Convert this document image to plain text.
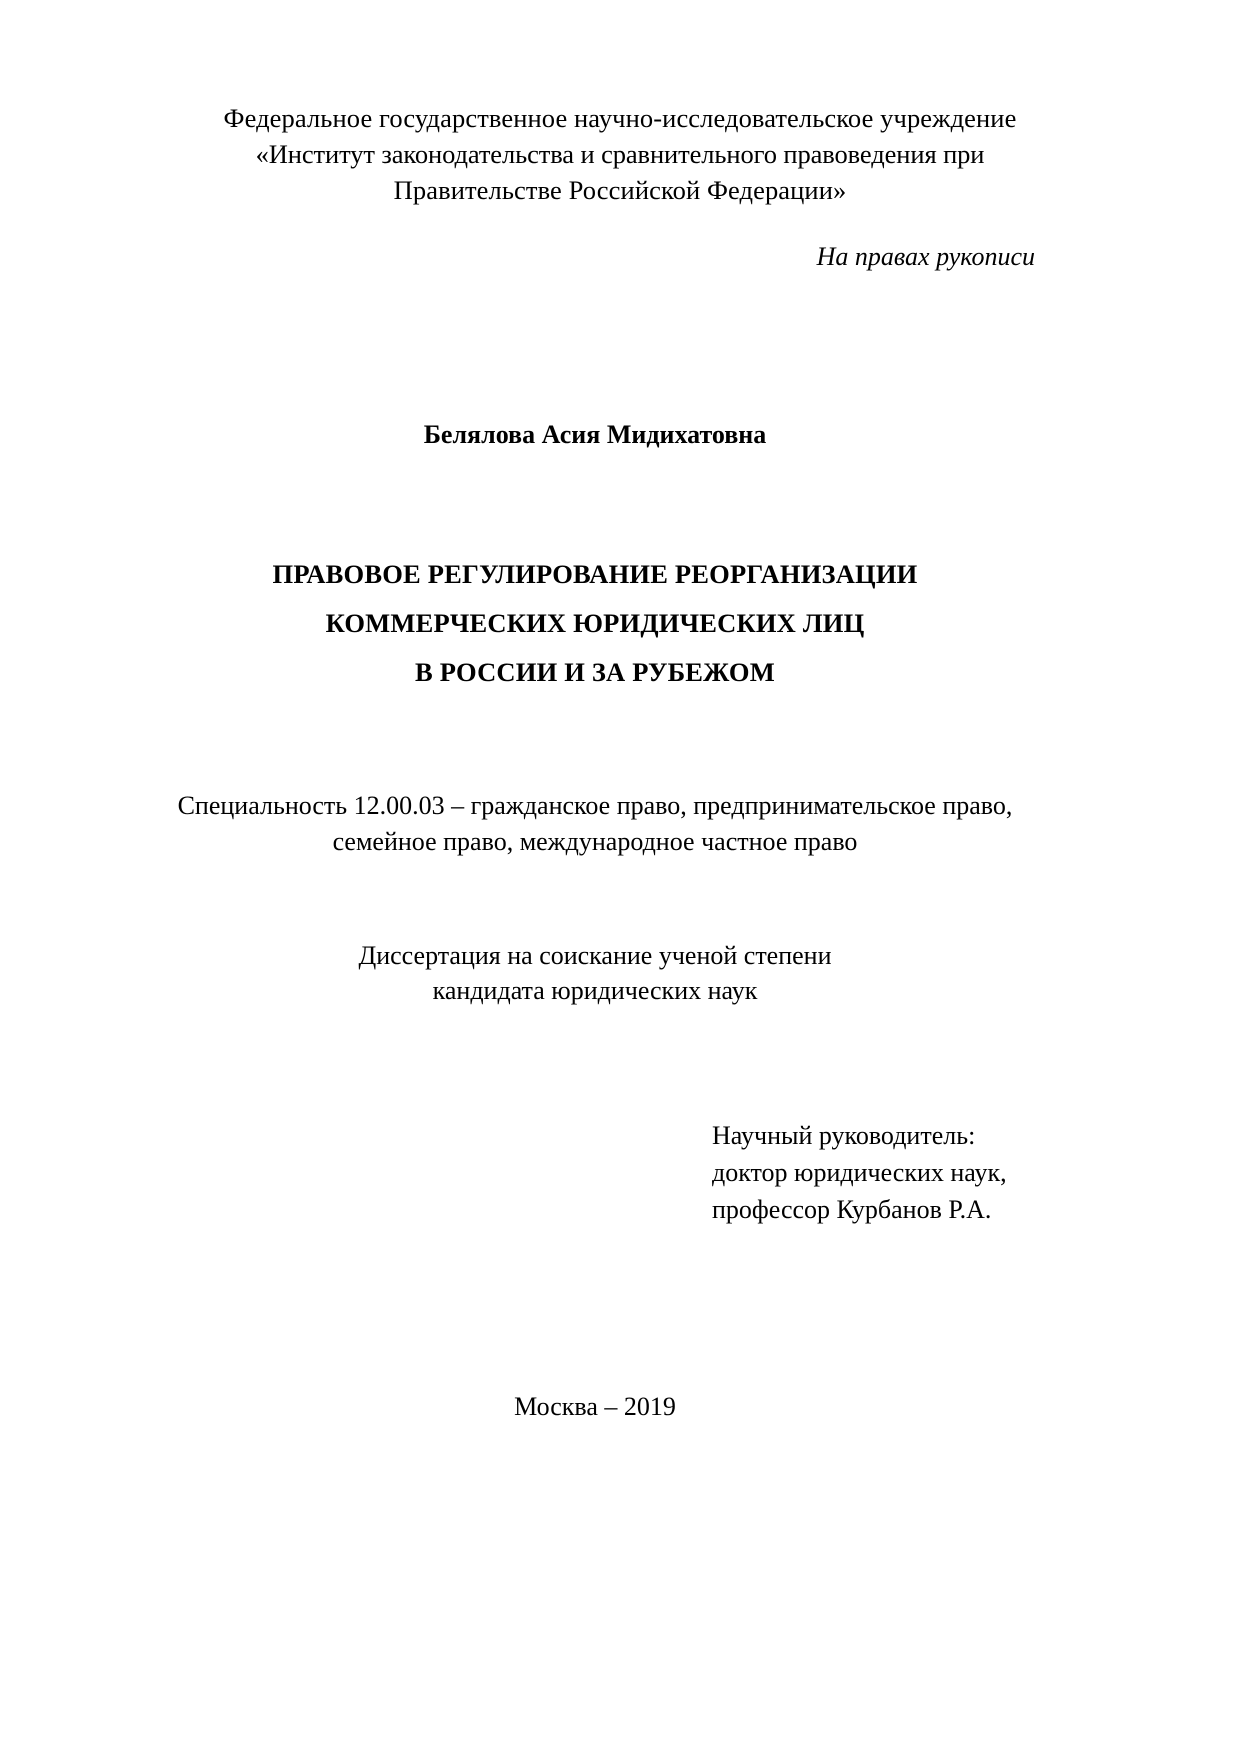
Федеральное государственное научно-исследовательское учреждение
«Институт законодательства и сравнительного правоведения при
Правительстве Российской Федерации»
На правах рукописи
Белялова Асия Мидихатовна
ПРАВОВОЕ РЕГУЛИРОВАНИЕ РЕОРГАНИЗАЦИИ
КОММЕРЧЕСКИХ ЮРИДИЧЕСКИХ ЛИЦ
В РОССИИ И ЗА РУБЕЖОМ
Специальность 12.00.03 – гражданское право, предпринимательское право,
семейное право, международное частное право
Диссертация на соискание ученой степени
кандидата юридических наук
Научный руководитель:
доктор юридических наук,
профессор Курбанов Р.А.
Москва – 2019
